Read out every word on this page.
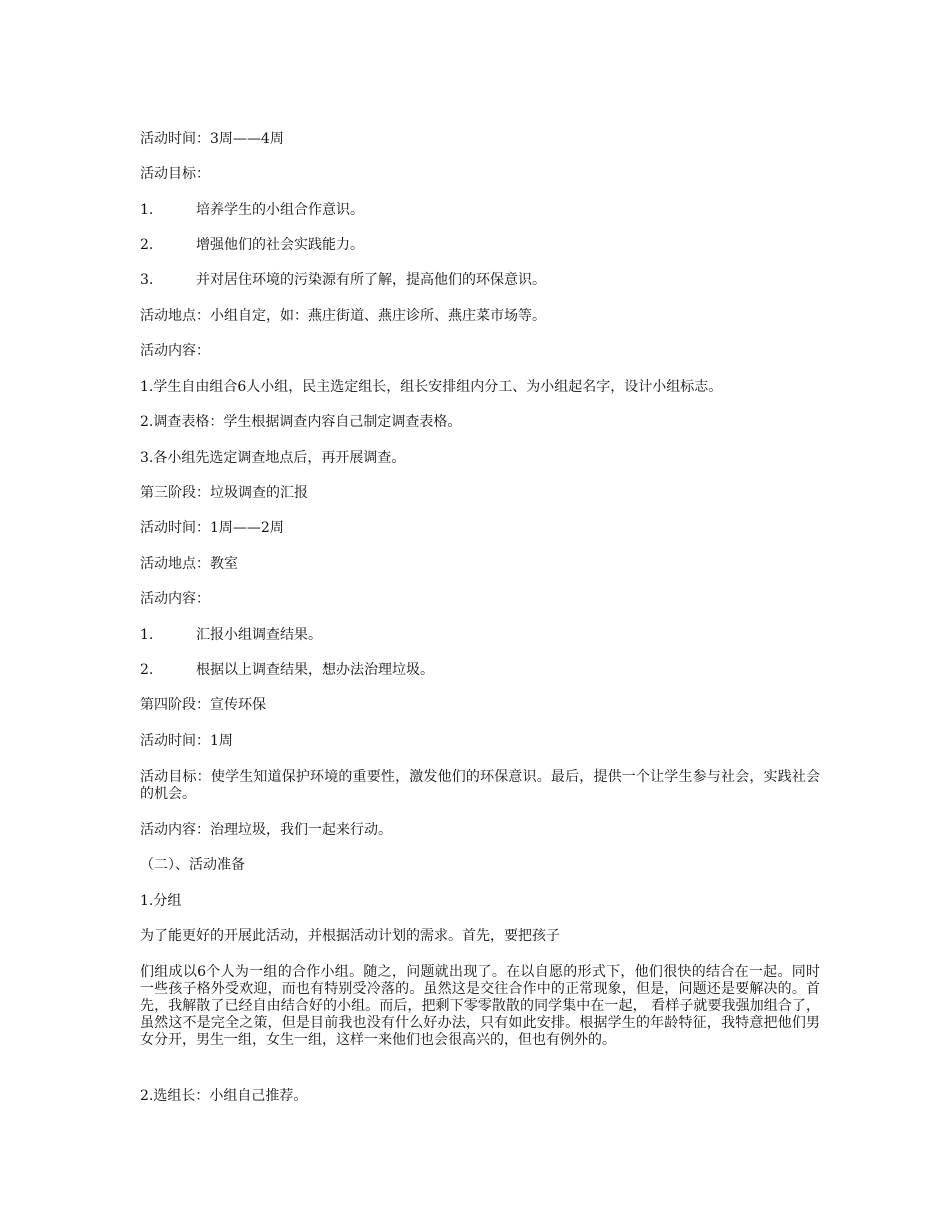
活动时间：3周——4周
活动目标：
1.	培养学生的小组合作意识。
2.	增强他们的社会实践能力。
3.	并对居住环境的污染源有所了解，提高他们的环保意识。
活动地点：小组自定，如：燕庄街道、燕庄诊所、燕庄菜市场等。
活动内容：
1.学生自由组合6人小组，民主选定组长，组长安排组内分工、为小组起名字，设计小组标志。
2.调查表格：学生根据调查内容自己制定调查表格。
3.各小组先选定调查地点后，再开展调查。
第三阶段：垃圾调查的汇报
活动时间：1周——2周
活动地点：教室
活动内容：
1.	汇报小组调查结果。
2.	根据以上调查结果，想办法治理垃圾。
第四阶段：宣传环保
活动时间：1周
活动目标：使学生知道保护环境的重要性，激发他们的环保意识。最后，提供一个让学生参与社会，实践社会的机会。
活动内容：治理垃圾，我们一起来行动。
（二）、活动准备
1.分组
为了能更好的开展此活动，并根据活动计划的需求。首先，要把孩子
们组成以6个人为一组的合作小组。随之，问题就出现了。在以自愿的形式下，他们很快的结合在一起。同时一些孩子格外受欢迎，而也有特别受冷落的。虽然这是交往合作中的正常现象，但是，问题还是要解决的。首先，我解散了已经自由结合好的小组。而后，把剩下零零散散的同学集中在一起， 看样子就要我强加组合了，虽然这不是完全之策，但是目前我也没有什么好办法，只有如此安排。根据学生的年龄特征，我特意把他们男女分开，男生一组，女生一组，这样一来他们也会很高兴的，但也有例外的。
2.选组长：小组自己推荐。
